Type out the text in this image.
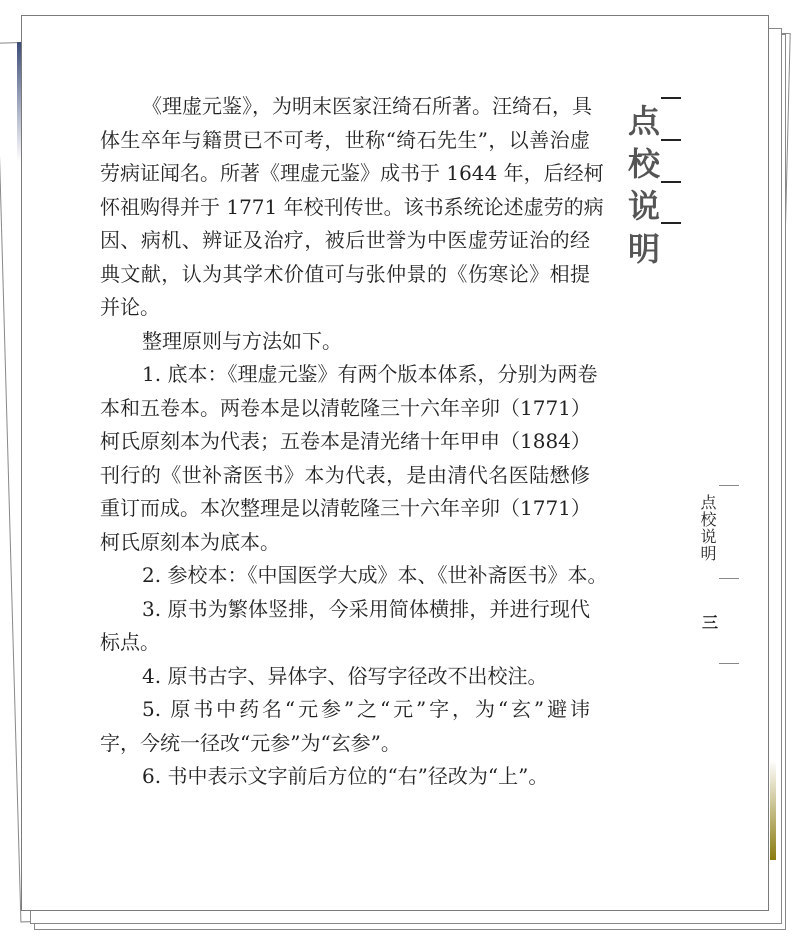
《理虚元鉴》，为明末医家汪绮石所著。汪绮石，具
体生卒年与籍贯已不可考，世称“绮石先生”，以善治虚
劳病证闻名。所著《理虚元鉴》成书于 1644 年，后经柯
怀祖购得并于 1771 年校刊传世。该书系统论述虚劳的病
因、病机、辨证及治疗，被后世誉为中医虚劳证治的经
典文献，认为其学术价值可与张仲景的《伤寒论》相提
并论。
整理原则与方法如下。
1. 底本：《理虚元鉴》有两个版本体系，分别为两卷
本和五卷本。两卷本是以清乾隆三十六年辛卯（1771）
柯氏原刻本为代表；五卷本是清光绪十年甲申（1884）
刊行的《世补斋医书》本为代表，是由清代名医陆懋修
重订而成。本次整理是以清乾隆三十六年辛卯（1771）
柯氏原刻本为底本。
2. 参校本：《中国医学大成》本、《世补斋医书》本。
3. 原书为繁体竖排，今采用简体横排，并进行现代
标点。
4. 原书古字、异体字、俗写字径改不出校注。
5. 原书中药名“元参”之“元”字，为“玄”避讳
字，今统一径改“元参”为“玄参”。
6. 书中表示文字前后方位的“右”径改为“上”。
点
校
说
明
点校说明
三
